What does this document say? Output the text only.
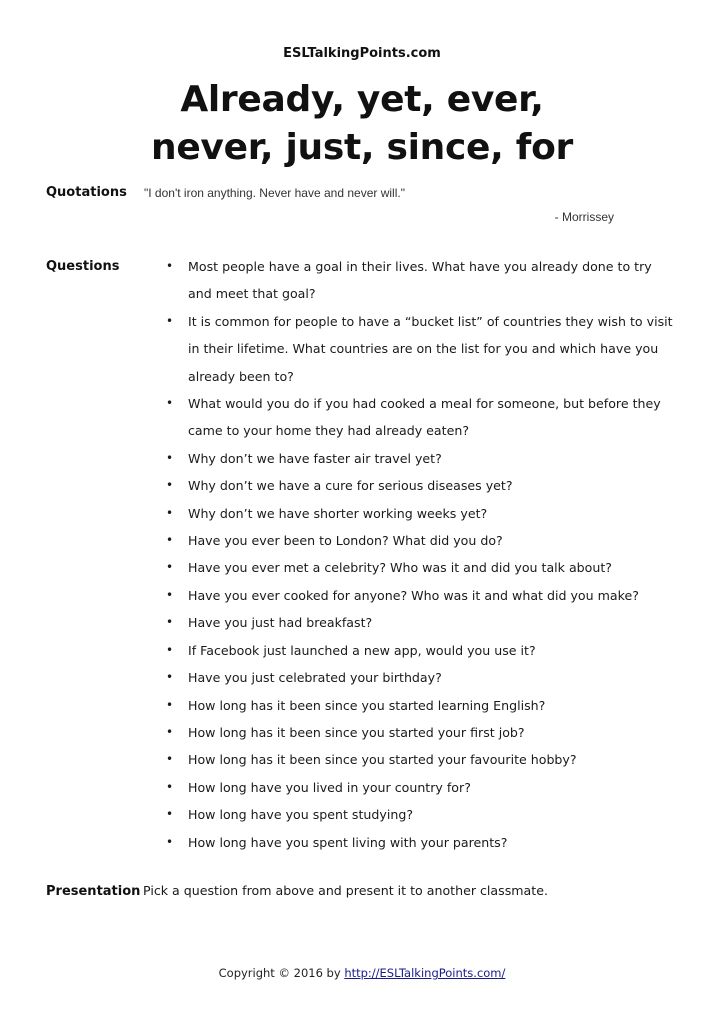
ESLTalkingPoints.com
Already, yet, ever,
never, just, since, for
Quotations "I don't iron anything. Never have and never will."
- Morrissey
Questions	• Most people have a goal in their lives. What have you already done to try and meet that goal?
• It is common for people to have a “bucket list” of countries they wish to visit in their lifetime. What countries are on the list for you and which have you already been to?
• What would you do if you had cooked a meal for someone, but before they came to your home they had already eaten?
• Why don’t we have faster air travel yet?
• Why don’t we have a cure for serious diseases yet?
• Why don’t we have shorter working weeks yet?
• Have you ever been to London? What did you do?
• Have you ever met a celebrity? Who was it and did you talk about?
• Have you ever cooked for anyone? Who was it and what did you make?
• Have you just had breakfast?
• If Facebook just launched a new app, would you use it?
• Have you just celebrated your birthday?
• How long has it been since you started learning English?
• How long has it been since you started your first job?
• How long has it been since you started your favourite hobby?
• How long have you lived in your country for?
• How long have you spent studying?
• How long have you spent living with your parents?
Presentation Pick a question from above and present it to another classmate.
Copyright © 2016 by http://ESLTalkingPoints.com/
